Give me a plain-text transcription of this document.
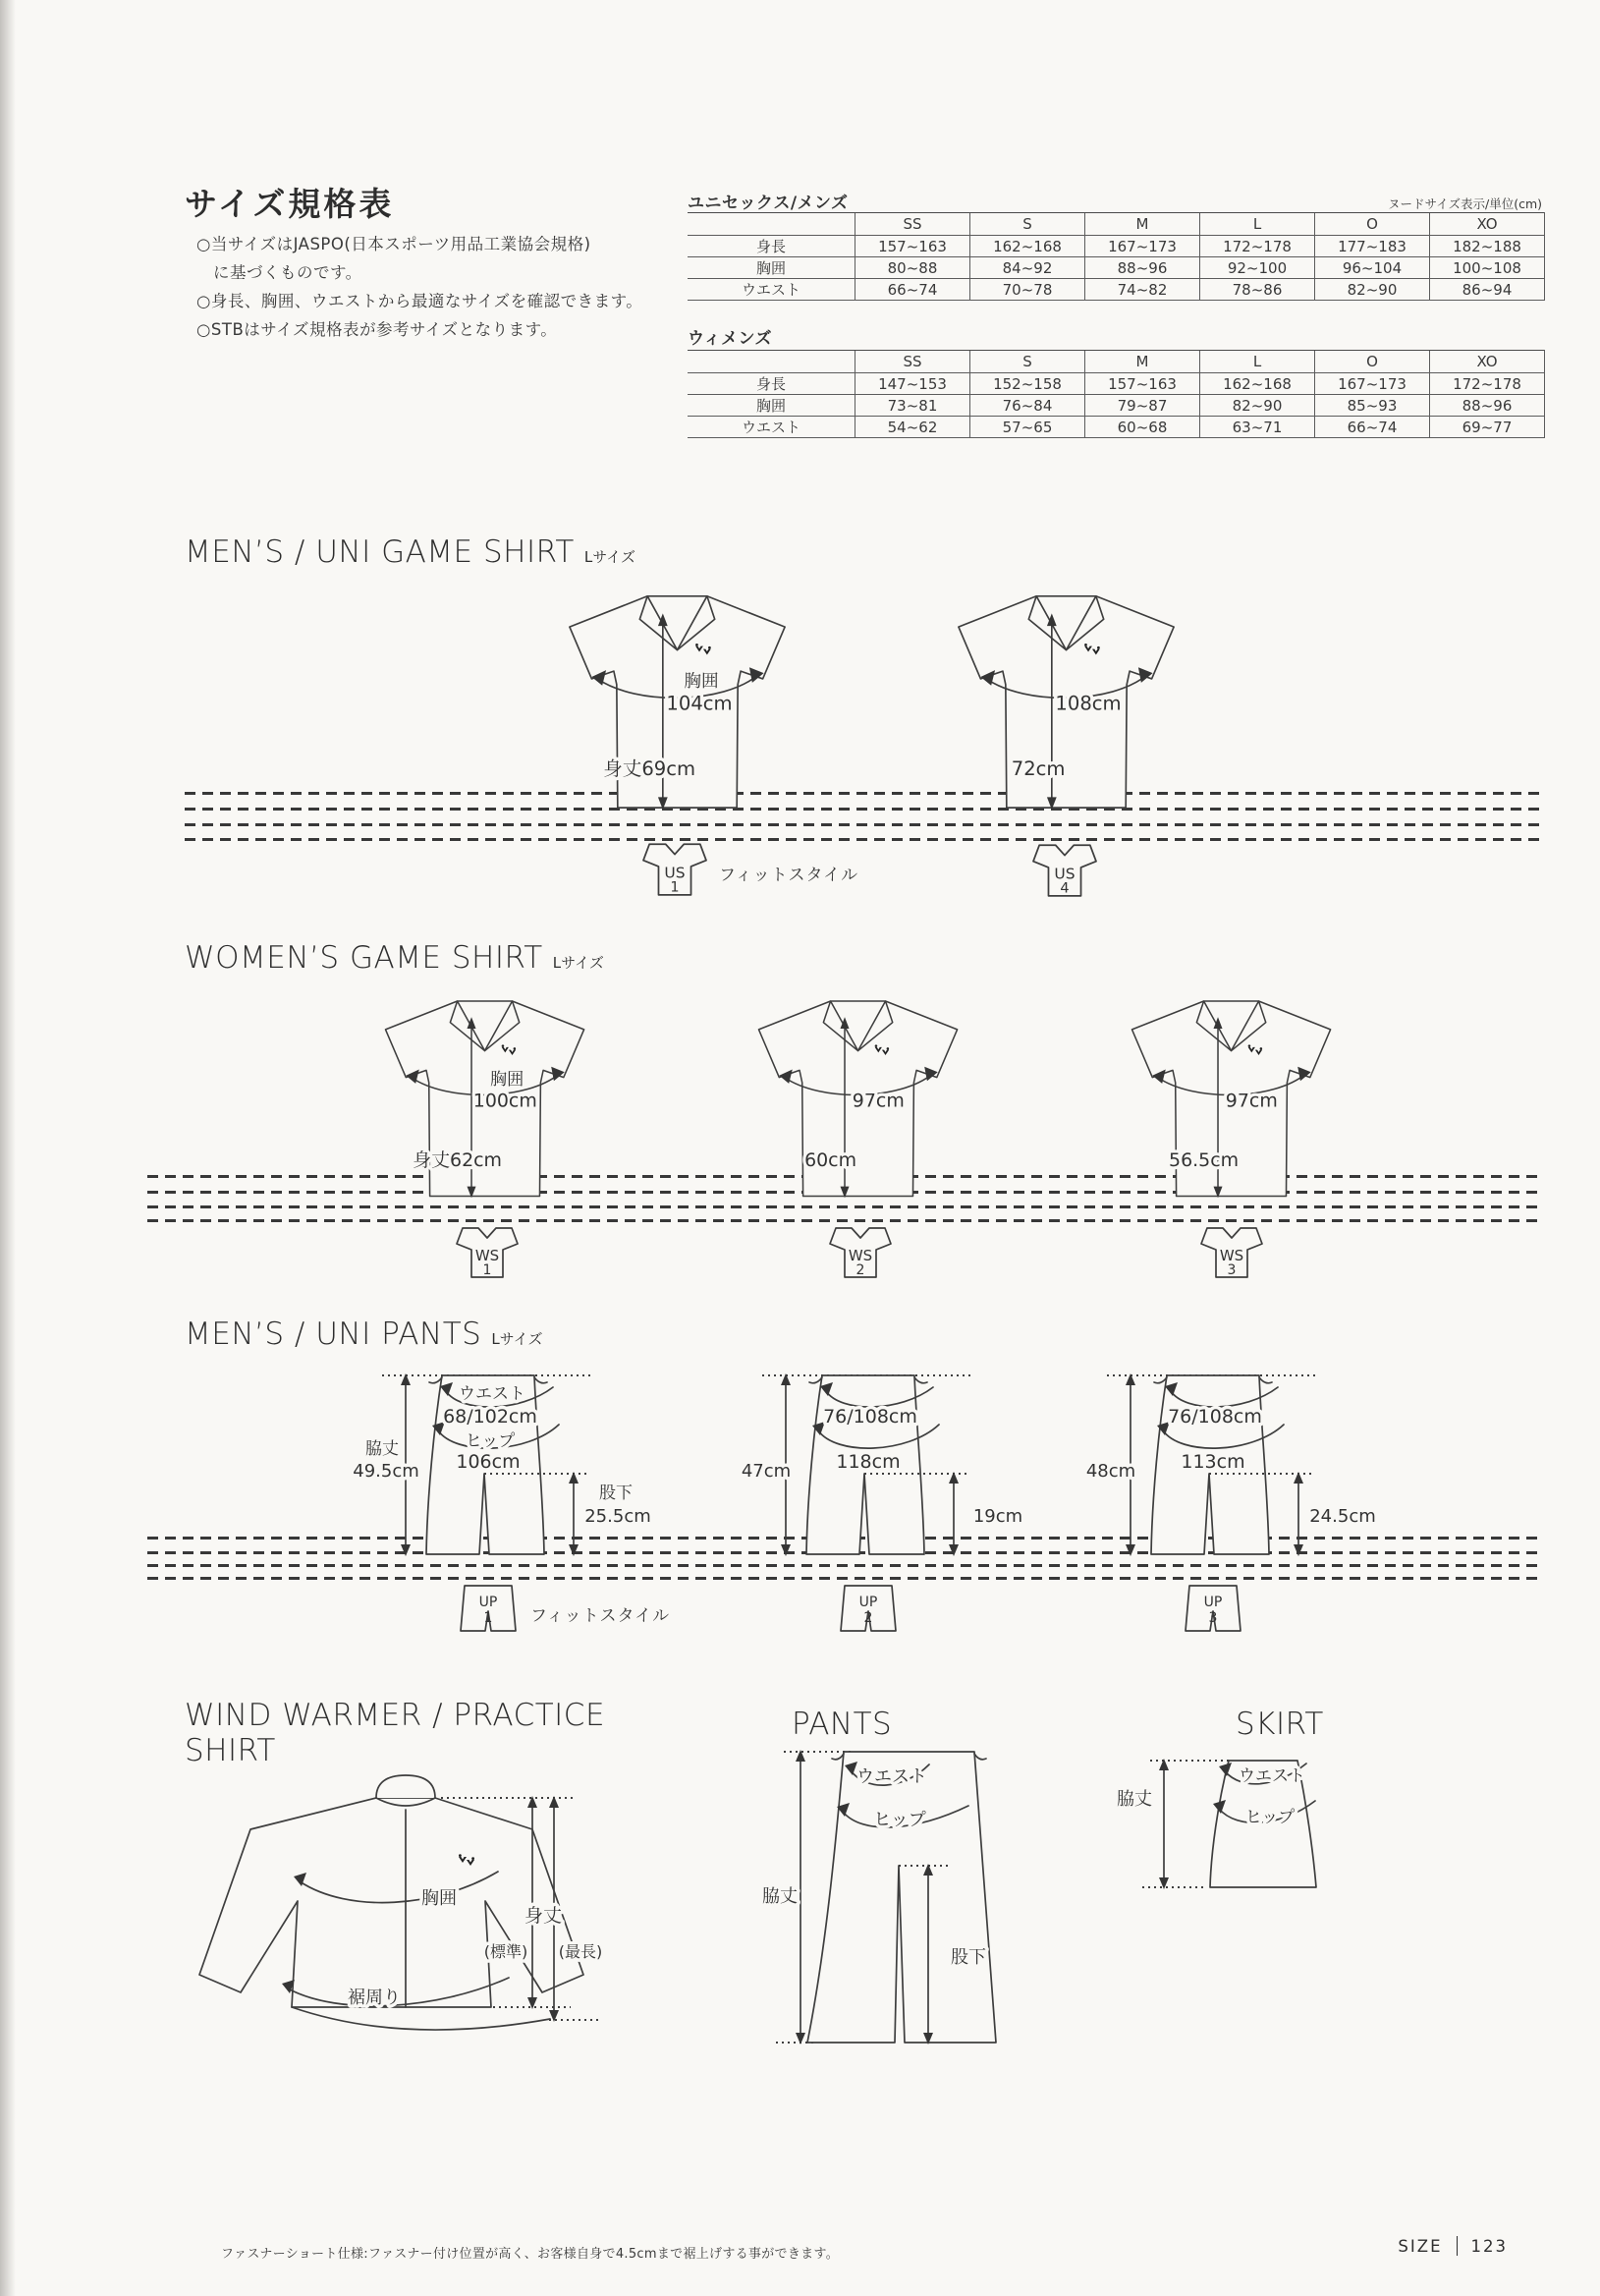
サイズ規格表
○当サイズはJASPO(日本スポーツ用品工業協会規格)
に基づくものです。
○身長、胸囲、ウエストから最適なサイズを確認できます。
○STBはサイズ規格表が参考サイズとなります。
ヌードサイズ表示/単位(cm)
ユニセックス/メンズ
	SS	S	M	L	O	XO
身長	157~163	162~168	167~173	172~178	177~183	182~188
胸囲	80~88	84~92	88~96	92~100	96~104	100~108
ウエスト	66~74	70~78	74~82	78~86	82~90	86~94
ウィメンズ
	SS	S	M	L	O	XO
身長	147~153	152~158	157~163	162~168	167~173	172~178
胸囲	73~81	76~84	79~87	82~90	85~93	88~96
ウエスト	54~62	57~65	60~68	63~71	66~74	69~77
MEN’S / UNI GAME SHIRT Lサイズ
胸囲
104cm
身丈69cm
108cm
72cm
US
1
フィットスタイル	US
4
WOMEN’S GAME SHIRT Lサイズ
胸囲
100cm
身丈62cm
97cm
60cm
97cm
56.5cm
WS
1
WS
2
WS
3
MEN’S / UNI PANTS Lサイズ
ウエスト
68/102cm
ヒップ
106cm
脇丈
49.5cm
股下
25.5cm
76/108cm
118cm
47cm
19cm
76/108cm
113cm
48cm
24.5cm
UP
1 フィットスタイル
UP
2
UP
3
WIND WARMER / PRACTICE
SHIRT
胸囲
裾周り
身丈
(標準) (最長)
PANTS
ウエスト
ヒップ
脇丈
股下
SKIRT
脇丈
ウエスト
ヒップ
ファスナーショート仕様:ファスナー付け位置が高く、お客様自身で4.5cmまで裾上げする事ができます。	SIZE 123
